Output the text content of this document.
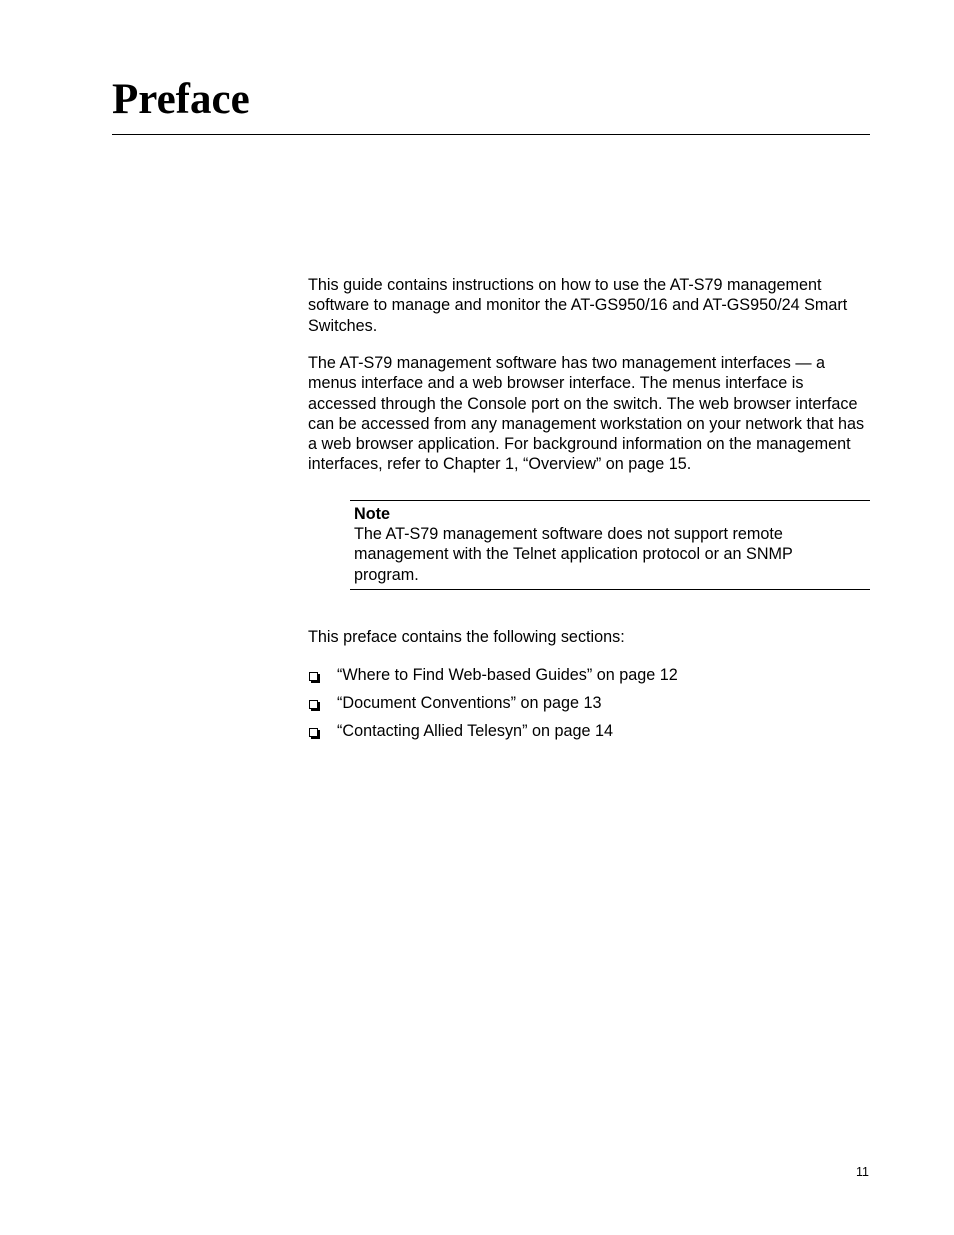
Preface

This guide contains instructions on how to use the AT-S79 management software to manage and monitor the AT-GS950/16 and AT-GS950/24 Smart Switches.

The AT-S79 management software has two management interfaces — a menus interface and a web browser interface. The menus interface is accessed through the Console port on the switch. The web browser interface can be accessed from any management workstation on your network that has a web browser application. For background information on the management interfaces, refer to Chapter 1, “Overview” on page 15.

Note
The AT-S79 management software does not support remote management with the Telnet application protocol or an SNMP program.

This preface contains the following sections:

“Where to Find Web-based Guides” on page 12
“Document Conventions” on page 13
“Contacting Allied Telesyn” on page 14
11
